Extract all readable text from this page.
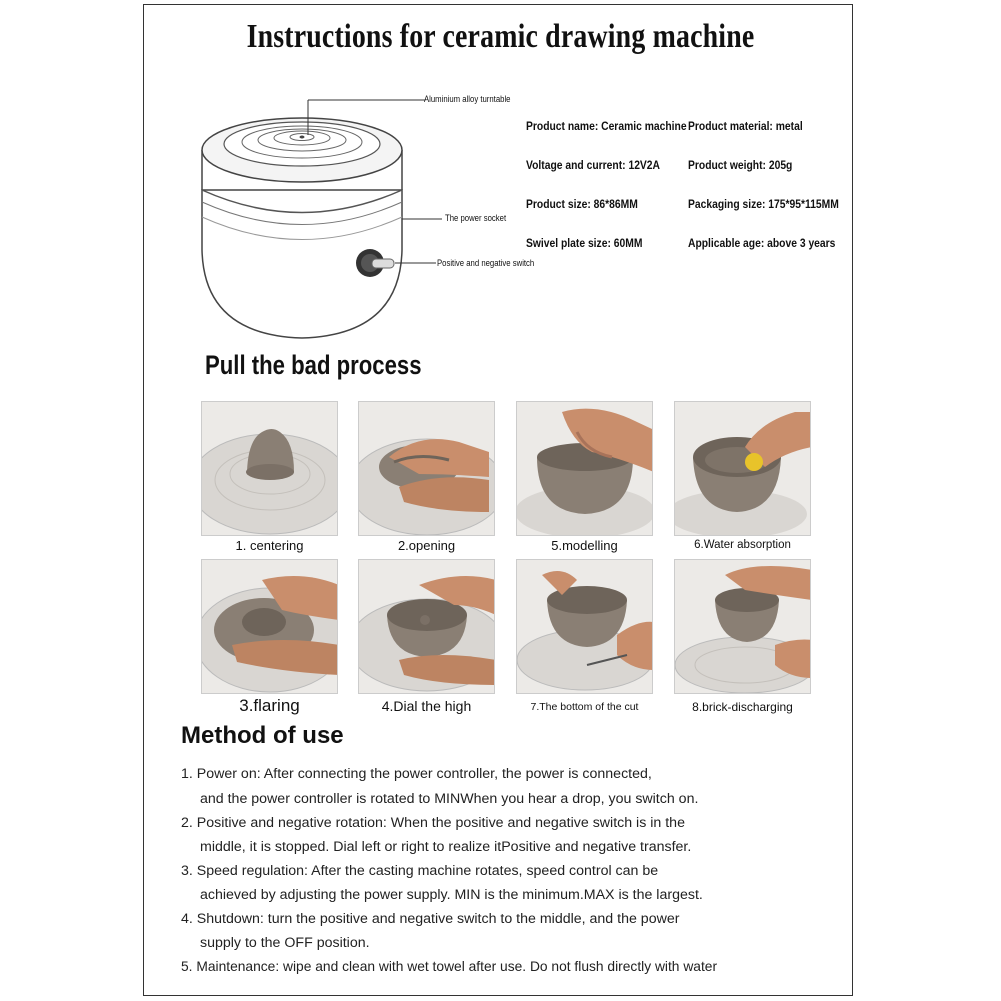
Instructions for ceramic drawing machine
Aluminium alloy turntable
The power socket
Positive and negative switch
Product name: Ceramic machine Product material: metal
Voltage and current: 12V2A Product weight: 205g
Product size: 86*86MM	Packaging size: 175*95*115MM
Swivel plate size: 60MM	Applicable age: above 3 years
Pull the bad process
1. centering	2.opening	5.modelling	6.Water absorption
3.flaring	4.Dial the high	7.The bottom of the cut	8.brick-discharging
Method of use
1. Power on: After connecting the power controller, the power is connected,
and the power controller is rotated to MINWhen you hear a drop, you switch on.
2. Positive and negative rotation: When the positive and negative switch is in the
middle, it is stopped. Dial left or right to realize itPositive and negative transfer.
3. Speed regulation: After the casting machine rotates, speed control can be
achieved by adjusting the power supply. MIN is the minimum.MAX is the largest.
4. Shutdown: turn the positive and negative switch to the middle, and the power
supply to the OFF position.
5. Maintenance: wipe and clean with wet towel after use. Do not flush directly with water
